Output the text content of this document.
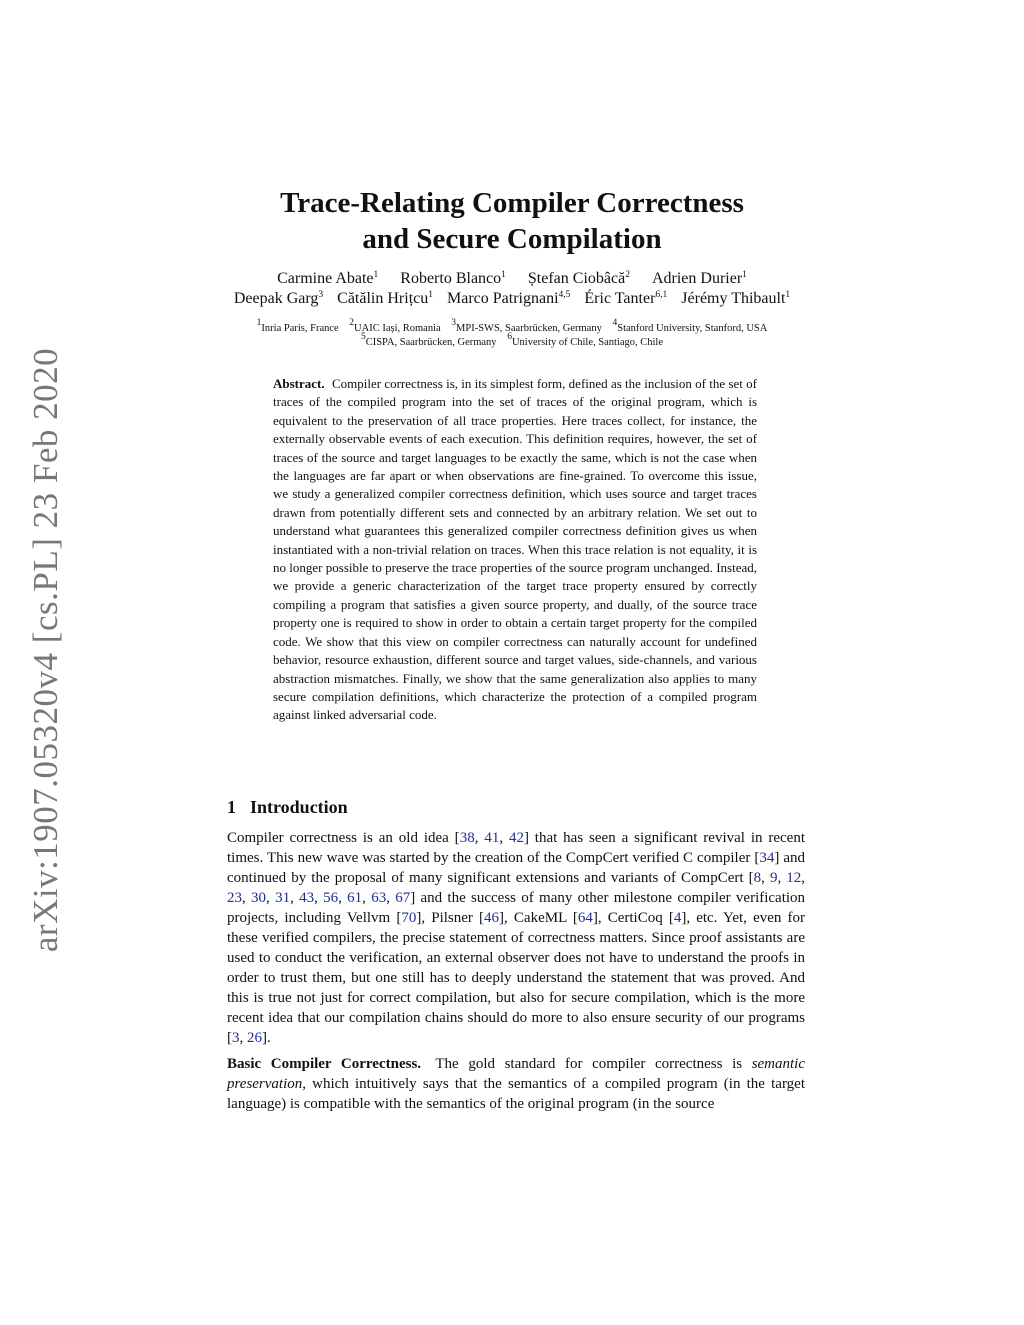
arXiv:1907.05320v4 [cs.PL] 23 Feb 2020
Trace-Relating Compiler Correctness
and Secure Compilation
Carmine Abate$^1$ Roberto Blanco$^1$ Ștefan Ciobâcă$^2$ Adrien Durier$^1$
Deepak Garg$^3$ Cătălin Hrițcu$^1$ Marco Patrignani$^{4,5}$ Éric Tanter$^{6,1}$ Jérémy Thibault$^1$
$^1$Inria Paris, France $^2$UAIC Iași, Romania $^3$MPI-SWS, Saarbrücken, Germany $^4$Stanford University, Stanford, USA
$^5$CISPA, Saarbrücken, Germany $^6$University of Chile, Santiago, Chile
Abstract. Compiler correctness is, in its simplest form, defined as the inclusion of the set of traces of the compiled program into the set of traces of the original program, which is equivalent to the preservation of all trace properties. Here traces collect, for instance, the externally observable events of each execution. This definition requires, however, the set of traces of the source and target languages to be exactly the same, which is not the case when the languages are far apart or when observations are fine-grained. To overcome this issue, we study a generalized compiler correctness definition, which uses source and target traces drawn from potentially different sets and connected by an arbitrary relation. We set out to understand what guarantees this generalized compiler correctness definition gives us when instantiated with a non-trivial relation on traces. When this trace relation is not equality, it is no longer possible to preserve the trace properties of the source program unchanged. Instead, we provide a generic characterization of the target trace property ensured by correctly compiling a program that satisfies a given source property, and dually, of the source trace property one is required to show in order to obtain a certain target property for the compiled code. We show that this view on compiler correctness can naturally account for undefined behavior, resource exhaustion, different source and target values, side-channels, and various abstraction mismatches. Finally, we show that the same generalization also applies to many secure compilation definitions, which characterize the protection of a compiled program against linked adversarial code.
1 Introduction

Compiler correctness is an old idea [38, 41, 42] that has seen a significant revival in recent times. This new wave was started by the creation of the CompCert verified C compiler [34] and continued by the proposal of many significant extensions and variants of CompCert [8, 9, 12, 23, 30, 31, 43, 56, 61, 63, 67] and the success of many other milestone compiler verification projects, including Vellvm [70], Pilsner [46], CakeML [64], CertiCoq [4], etc. Yet, even for these verified compilers, the precise statement of correctness matters. Since proof assistants are used to conduct the verification, an external observer does not have to understand the proofs in order to trust them, but one still has to deeply understand the statement that was proved. And this is true not just for correct compilation, but also for secure compilation, which is the more recent idea that our compilation chains should do more to also ensure security of our programs [3, 26].

Basic Compiler Correctness. The gold standard for compiler correctness is semantic preservation, which intuitively says that the semantics of a compiled program (in the target language) is compatible with the semantics of the original program (in the source
